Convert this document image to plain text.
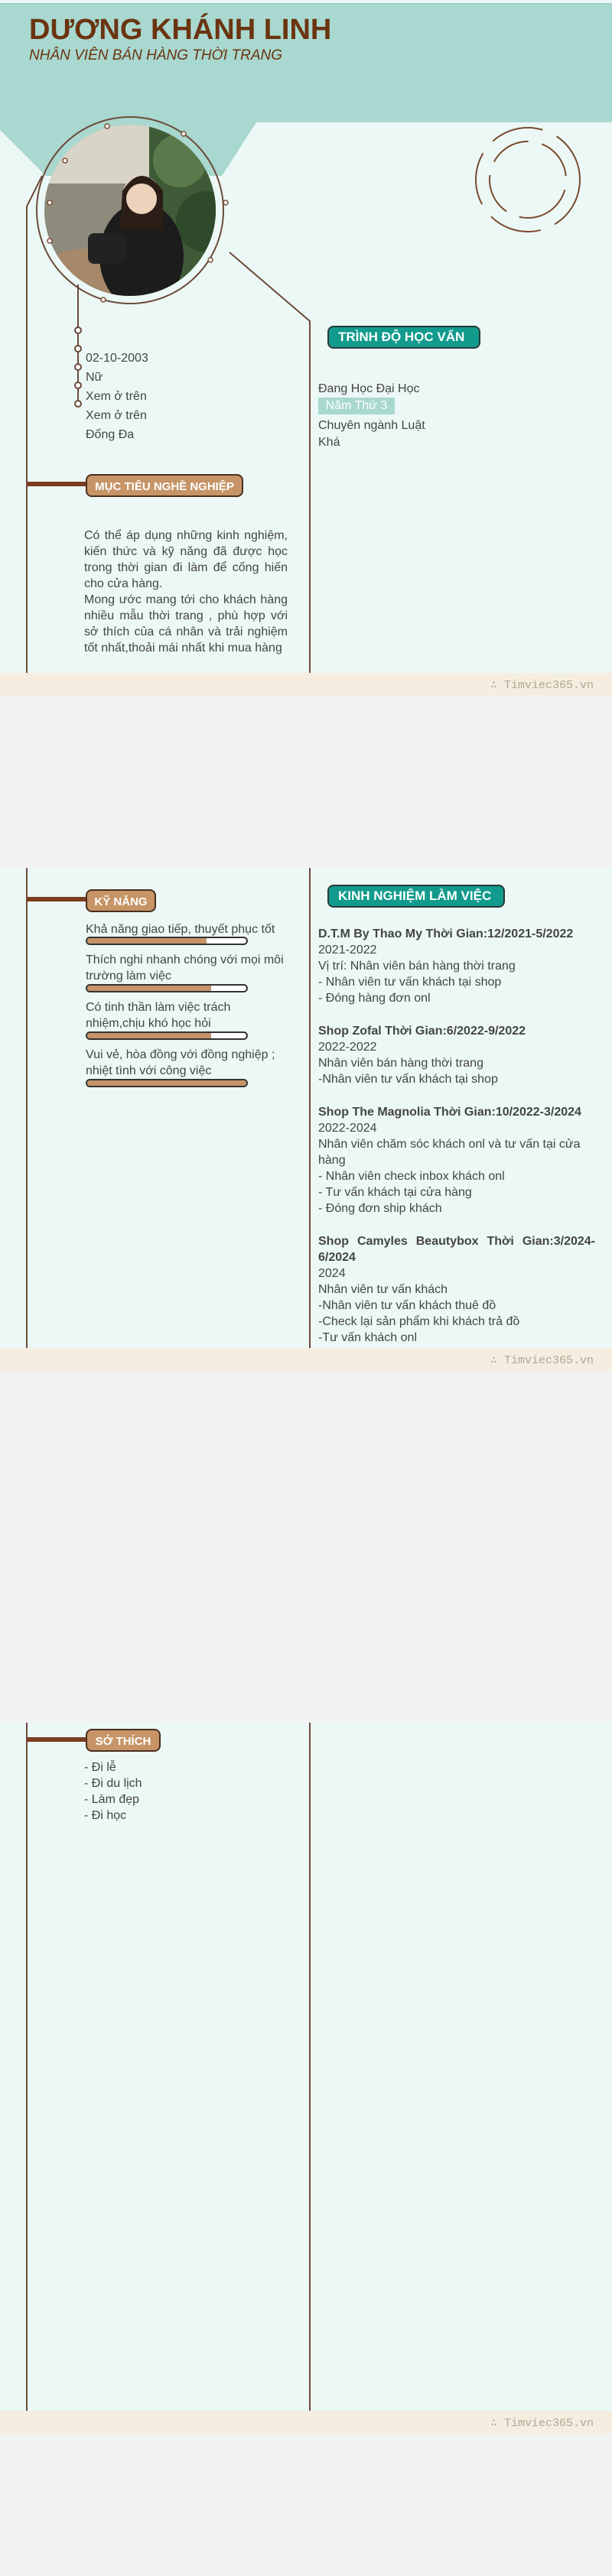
DƯƠNG KHÁNH LINH
NHÂN VIÊN BÁN HÀNG THỜI TRANG
02-10-2003
Nữ
Xem ở trên
Xem ở trên
Đống Đa
MỤC TIÊU NGHỀ NGHIỆP
Có thể áp dụng những kinh nghiệm, kiến thức và kỹ năng đã được học trong thời gian đi làm để cống hiến cho cửa hàng.
Mong ước mang tới cho khách hàng nhiều mẫu thời trang , phù hợp với sở thích của cá nhân và trải nghiệm tốt nhất,thoải mái nhất khi mua hàng
TRÌNH ĐỘ HỌC VẤN
Đang Học Đại Học
Năm Thứ 3
Chuyên ngành Luật
Khá
∴ Timviec365.vn
KỸ NĂNG
Khả năng giao tiếp, thuyết phục tốt
Thích nghi nhanh chóng với mọi môi trường làm việc
Có tinh thần làm việc trách nhiệm,chịu khó học hỏi
Vui vẻ, hòa đồng với đồng nghiệp ; nhiệt tình với công việc
KINH NGHIỆM LÀM VIỆC

D.T.M By Thao My Thời Gian:12/2021-5/2022

2021-2022

Vị trí: Nhân viên bán hàng thời trang

- Nhân viên tư vấn khách tại shop

- Đóng hàng đơn onl

Shop Zofal Thời Gian:6/2022-9/2022

2022-2022

Nhân viên bán hàng thời trang

-Nhân viên tư vấn khách tại shop

Shop The Magnolia Thời Gian:10/2022-3/2024

2022-2024

Nhân viên chăm sóc khách onl và tư vấn tại cửa hàng

- Nhân viên check inbox khách onl

- Tư vấn khách tại cửa hàng

- Đóng đơn ship khách

Shop Camyles Beautybox Thời Gian:3/2024-6/2024

2024

Nhân viên tư vấn khách

-Nhân viên tư vấn khách thuê đồ

-Check lại sản phẩm khi khách trả đồ

-Tư vấn khách onl

∴ Timviec365.vn
SỞ THÍCH
- Đi lễ
- Đi du lịch
- Làm đẹp
- Đi học
∴ Timviec365.vn
